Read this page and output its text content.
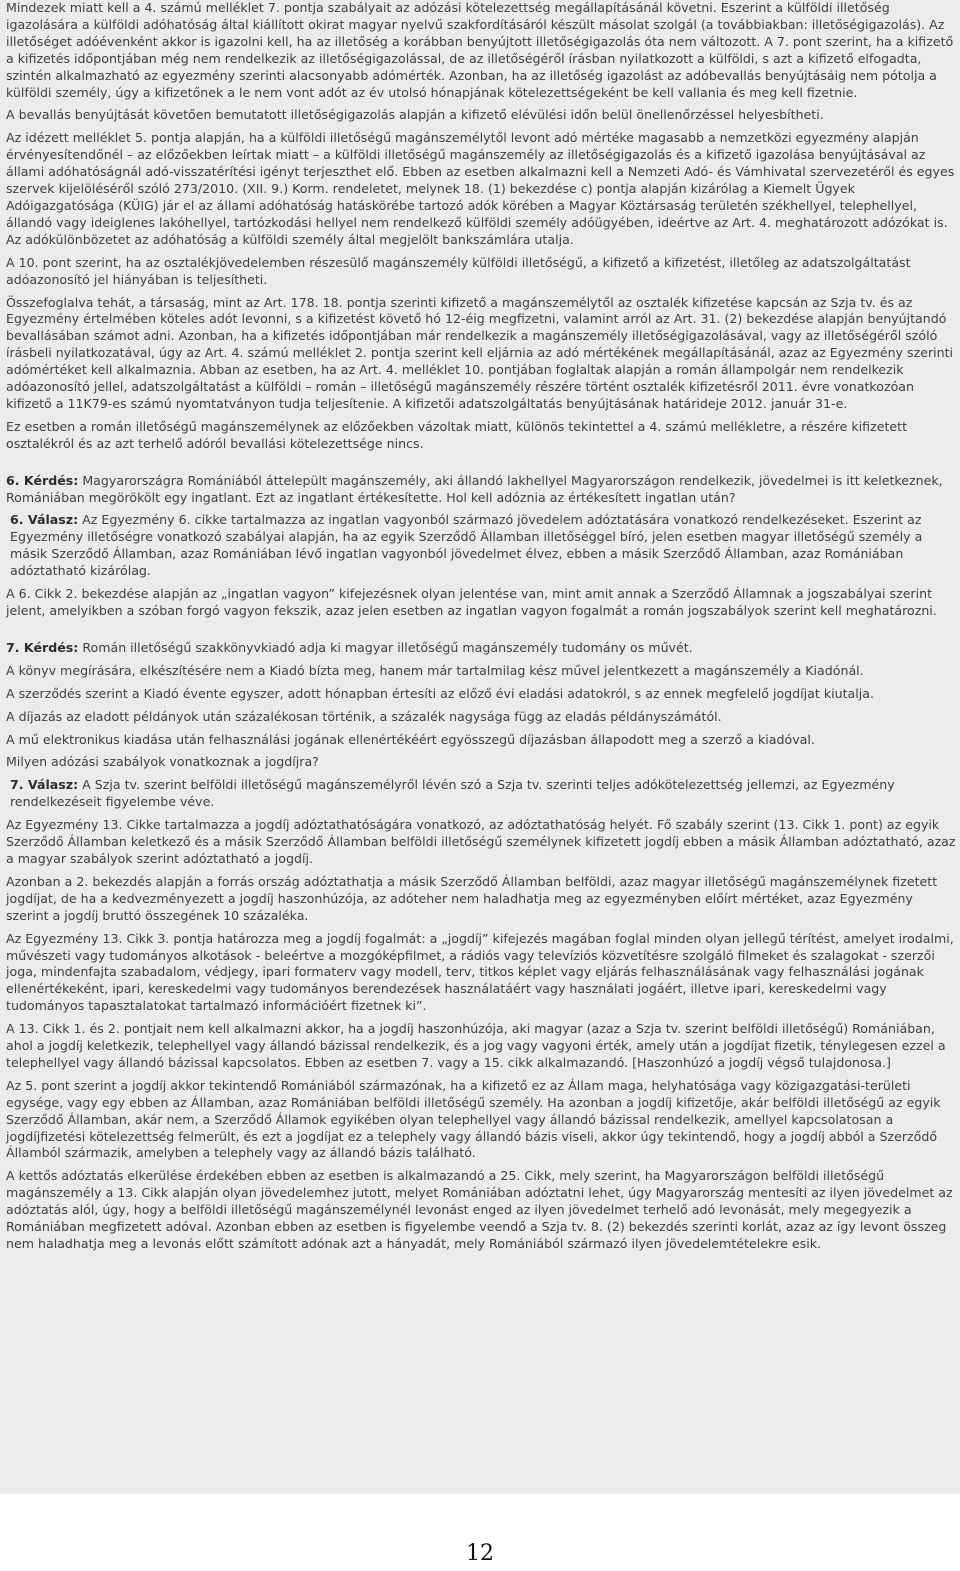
Mindezek miatt kell a 4. számú melléklet 7. pontja szabályait az adózási kötelezettség megállapításánál követni. Eszerint a külföldi illetőség igazolására a külföldi adóhatóság által kiállított okirat magyar nyelvű szakfordításáról készült másolat szolgál (a továbbiakban: illetőségigazolás). Az illetőséget adóévenként akkor is igazolni kell, ha az illetőség a korábban benyújtott illetőségigazolás óta nem változott. A 7. pont szerint, ha a kifizető a kifizetés időpontjában még nem rendelkezik az illetőségigazolással, de az illetőségéről írásban nyilatkozott a külföldi, s azt a kifizető elfogadta, szintén alkalmazható az egyezmény szerinti alacsonyabb adómérték. Azonban, ha az illetőség igazolást az adóbevallás benyújtásáig nem pótolja a külföldi személy, úgy a kifizetőnek a le nem vont adót az év utolsó hónapjának kötelezettségeként be kell vallania és meg kell fizetnie.

A bevallás benyújtását követően bemutatott illetőségigazolás alapján a kifizető elévülési időn belül önellenőrzéssel helyesbítheti.

Az idézett melléklet 5. pontja alapján, ha a külföldi illetőségű magánszemélytől levont adó mértéke magasabb a nemzetközi egyezmény alapján érvényesítendőnél – az előzőekben leírtak miatt – a külföldi illetőségű magánszemély az illetőségigazolás és a kifizető igazolása benyújtásával az állami adóhatóságnál adó-visszatérítési igényt terjeszthet elő. Ebben az esetben alkalmazni kell a Nemzeti Adó- és Vámhivatal szervezetéről és egyes szervek kijelöléséről szóló 273/2010. (XII. 9.) Korm. rendeletet, melynek 18. (1) bekezdése c) pontja alapján kizárólag a Kiemelt Ügyek Adóigazgatósága (KÜIG) jár el az állami adóhatóság hatáskörébe tartozó adók körében a Magyar Köztársaság területén székhellyel, telephellyel, állandó vagy ideiglenes lakóhellyel, tartózkodási hellyel nem rendelkező külföldi személy adóügyében, ideértve az Art. 4. meghatározott adózókat is. Az adókülönbözetet az adóhatóság a külföldi személy által megjelölt bankszámlára utalja.

A 10. pont szerint, ha az osztalékjövedelemben részesülő magánszemély külföldi illetőségű, a kifizető a kifizetést, illetőleg az adatszolgáltatást adóazonosító jel hiányában is teljesítheti.

Összefoglalva tehát, a társaság, mint az Art. 178. 18. pontja szerinti kifizető a magánszemélytől az osztalék kifizetése kapcsán az Szja tv. és az Egyezmény értelmében köteles adót levonni, s a kifizetést követő hó 12-éig megfizetni, valamint arról az Art. 31. (2) bekezdése alapján benyújtandó bevallásában számot adni. Azonban, ha a kifizetés időpontjában már rendelkezik a magánszemély illetőségigazolásával, vagy az illetőségéről szóló írásbeli nyilatkozatával, úgy az Art. 4. számú melléklet 2. pontja szerint kell eljárnia az adó mértékének megállapításánál, azaz az Egyezmény szerinti adómértéket kell alkalmaznia. Abban az esetben, ha az Art. 4. melléklet 10. pontjában foglaltak alapján a román állampolgár nem rendelkezik adóazonosító jellel, adatszolgáltatást a külföldi – román – illetőségű magánszemély részére történt osztalék kifizetésről 2011. évre vonatkozóan kifizető a 11K79-es számú nyomtatványon tudja teljesítenie. A kifizetői adatszolgáltatás benyújtásának határideje 2012. január 31-e.

Ez esetben a román illetőségű magánszemélynek az előzőekben vázoltak miatt, különös tekintettel a 4. számú mellékletre, a részére kifizetett osztalékról és az azt terhelő adóról bevallási kötelezettsége nincs.

6. Kérdés: Magyarországra Romániából áttelepült magánszemély, aki állandó lakhellyel Magyarországon rendelkezik, jövedelmei is itt keletkeznek, Romániában megörökölt egy ingatlant. Ezt az ingatlant értékesítette. Hol kell adóznia az értékesített ingatlan után?

6. Válasz: Az Egyezmény 6. cikke tartalmazza az ingatlan vagyonból származó jövedelem adóztatására vonatkozó rendelkezéseket. Eszerint az Egyezmény illetőségre vonatkozó szabályai alapján, ha az egyik Szerződő Államban illetőséggel bíró, jelen esetben magyar illetőségű személy a másik Szerződő Államban, azaz Romániában lévő ingatlan vagyonból jövedelmet élvez, ebben a másik Szerződő Államban, azaz Romániában adóztatható kizárólag.

A 6. Cikk 2. bekezdése alapján az „ingatlan vagyon” kifejezésnek olyan jelentése van, mint amit annak a Szerződő Államnak a jogszabályai szerint jelent, amelyikben a szóban forgó vagyon fekszik, azaz jelen esetben az ingatlan vagyon fogalmát a román jogszabályok szerint kell meghatározni.

7. Kérdés: Román illetőségű szakkönyvkiadó adja ki magyar illetőségű magánszemély tudomány os művét.

A könyv megírására, elkészítésére nem a Kiadó bízta meg, hanem már tartalmilag kész művel jelentkezett a magánszemély a Kiadónál.

A szerződés szerint a Kiadó évente egyszer, adott hónapban értesíti az előző évi eladási adatokról, s az ennek megfelelő jogdíjat kiutalja.

A díjazás az eladott példányok után százalékosan történik, a százalék nagysága függ az eladás példányszámától.

A mű elektronikus kiadása után felhasználási jogának ellenértékéért egyösszegű díjazásban állapodott meg a szerző a kiadóval.

Milyen adózási szabályok vonatkoznak a jogdíjra?

7. Válasz: A Szja tv. szerint belföldi illetőségű magánszemélyről lévén szó a Szja tv. szerinti teljes adókötelezettség jellemzi, az Egyezmény rendelkezéseit figyelembe véve.

Az Egyezmény 13. Cikke tartalmazza a jogdíj adóztathatóságára vonatkozó, az adóztathatóság helyét. Fő szabály szerint (13. Cikk 1. pont) az egyik Szerződő Államban keletkező és a másik Szerződő Államban belföldi illetőségű személynek kifizetett jogdíj ebben a másik Államban adóztatható, azaz a magyar szabályok szerint adóztatható a jogdíj.

Azonban a 2. bekezdés alapján a forrás ország adóztathatja a másik Szerződő Államban belföldi, azaz magyar illetőségű magánszemélynek fizetett jogdíjat, de ha a kedvezményezett a jogdíj haszonhúzója, az adóteher nem haladhatja meg az egyezményben előírt mértéket, azaz Egyezmény szerint a jogdíj bruttó összegének 10 százaléka.

Az Egyezmény 13. Cikk 3. pontja határozza meg a jogdíj fogalmát: a „jogdíj” kifejezés magában foglal minden olyan jellegű térítést, amelyet irodalmi, művészeti vagy tudományos alkotások - beleértve a mozgóképfilmet, a rádiós vagy televíziós közvetítésre szolgáló filmeket és szalagokat - szerzői joga, mindenfajta szabadalom, védjegy, ipari formaterv vagy modell, terv, titkos képlet vagy eljárás felhasználásának vagy felhasználási jogának ellenértékeként, ipari, kereskedelmi vagy tudományos berendezések használatáért vagy használati jogáért, illetve ipari, kereskedelmi vagy tudományos tapasztalatokat tartalmazó információért fizetnek ki”.

A 13. Cikk 1. és 2. pontjait nem kell alkalmazni akkor, ha a jogdíj haszonhúzója, aki magyar (azaz a Szja tv. szerint belföldi illetőségű) Romániában, ahol a jogdíj keletkezik, telephellyel vagy állandó bázissal rendelkezik, és a jog vagy vagyoni érték, amely után a jogdíjat fizetik, ténylegesen ezzel a telephellyel vagy állandó bázissal kapcsolatos. Ebben az esetben 7. vagy a 15. cikk alkalmazandó. [Haszonhúzó a jogdíj végső tulajdonosa.]

Az 5. pont szerint a jogdíj akkor tekintendő Romániából származónak, ha a kifizető ez az Állam maga, helyhatósága vagy közigazgatási-területi egysége, vagy egy ebben az Államban, azaz Romániában belföldi illetőségű személy. Ha azonban a jogdíj kifizetője, akár belföldi illetőségű az egyik Szerződő Államban, akár nem, a Szerződő Államok egyikében olyan telephellyel vagy állandó bázissal rendelkezik, amellyel kapcsolatosan a jogdíjfizetési kötelezettség felmerült, és ezt a jogdíjat ez a telephely vagy állandó bázis viseli, akkor úgy tekintendő, hogy a jogdíj abból a Szerződő Államból származik, amelyben a telephely vagy az állandó bázis található.

A kettős adóztatás elkerülése érdekében ebben az esetben is alkalmazandó a 25. Cikk, mely szerint, ha Magyarországon belföldi illetőségű magánszemély a 13. Cikk alapján olyan jövedelemhez jutott, melyet Romániában adóztatni lehet, úgy Magyarország mentesíti az ilyen jövedelmet az adóztatás alól, úgy, hogy a belföldi illetőségű magánszemélynél levonást enged az ilyen jövedelmet terhelő adó levonását, mely megegyezik a Romániában megfizetett adóval. Azonban ebben az esetben is figyelembe veendő a Szja tv. 8. (2) bekezdés szerinti korlát, azaz az így levont összeg nem haladhatja meg a levonás előtt számított adónak azt a hányadát, mely Romániából származó ilyen jövedelemtételekre esik.

12
